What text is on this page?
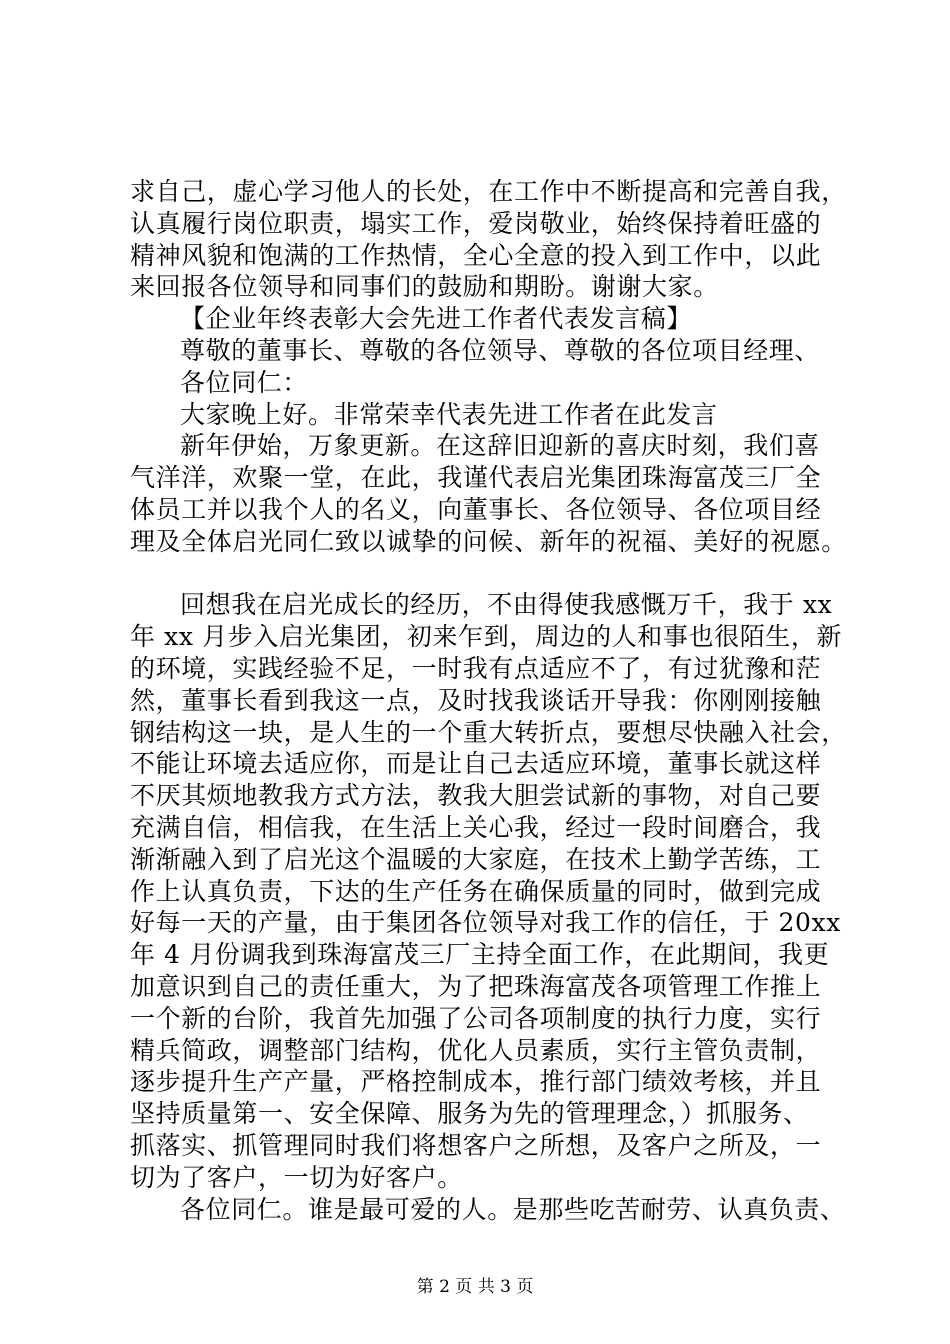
求自己，虚心学习他人的长处，在工作中不断提高和完善自我，
认真履行岗位职责，塌实工作，爱岗敬业，始终保持着旺盛的
精神风貌和饱满的工作热情，全心全意的投入到工作中，以此
来回报各位领导和同事们的鼓励和期盼。谢谢大家。
【企业年终表彰大会先进工作者代表发言稿】
尊敬的董事长、尊敬的各位领导、尊敬的各位项目经理、
各位同仁：
大家晚上好。非常荣幸代表先进工作者在此发言
新年伊始，万象更新。在这辞旧迎新的喜庆时刻，我们喜
气洋洋，欢聚一堂，在此，我谨代表启光集团珠海富茂三厂全
体员工并以我个人的名义，向董事长、各位领导、各位项目经
理及全体启光同仁致以诚挚的问候、新年的祝福、美好的祝愿。
回想我在启光成长的经历，不由得使我感慨万千，我于 xx
年 xx 月步入启光集团，初来乍到，周边的人和事也很陌生，新
的环境，实践经验不足，一时我有点适应不了，有过犹豫和茫
然，董事长看到我这一点，及时找我谈话开导我：你刚刚接触
钢结构这一块，是人生的一个重大转折点，要想尽快融入社会，
不能让环境去适应你，而是让自己去适应环境，董事长就这样
不厌其烦地教我方式方法，教我大胆尝试新的事物，对自己要
充满自信，相信我，在生活上关心我，经过一段时间磨合，我
渐渐融入到了启光这个温暖的大家庭，在技术上勤学苦练，工
作上认真负责，下达的生产任务在确保质量的同时，做到完成
好每一天的产量，由于集团各位领导对我工作的信任，于 20xx
年 4 月份调我到珠海富茂三厂主持全面工作，在此期间，我更
加意识到自己的责任重大，为了把珠海富茂各项管理工作推上
一个新的台阶，我首先加强了公司各项制度的执行力度，实行
精兵简政，调整部门结构，优化人员素质，实行主管负责制，
逐步提升生产产量，严格控制成本，推行部门绩效考核，并且
坚持质量第一、安全保障、服务为先的管理理念，）抓服务、
抓落实、抓管理同时我们将想客户之所想，及客户之所及，一
切为了客户，一切为好客户。
各位同仁。谁是最可爱的人。是那些吃苦耐劳、认真负责、
第 2 页 共 3 页
